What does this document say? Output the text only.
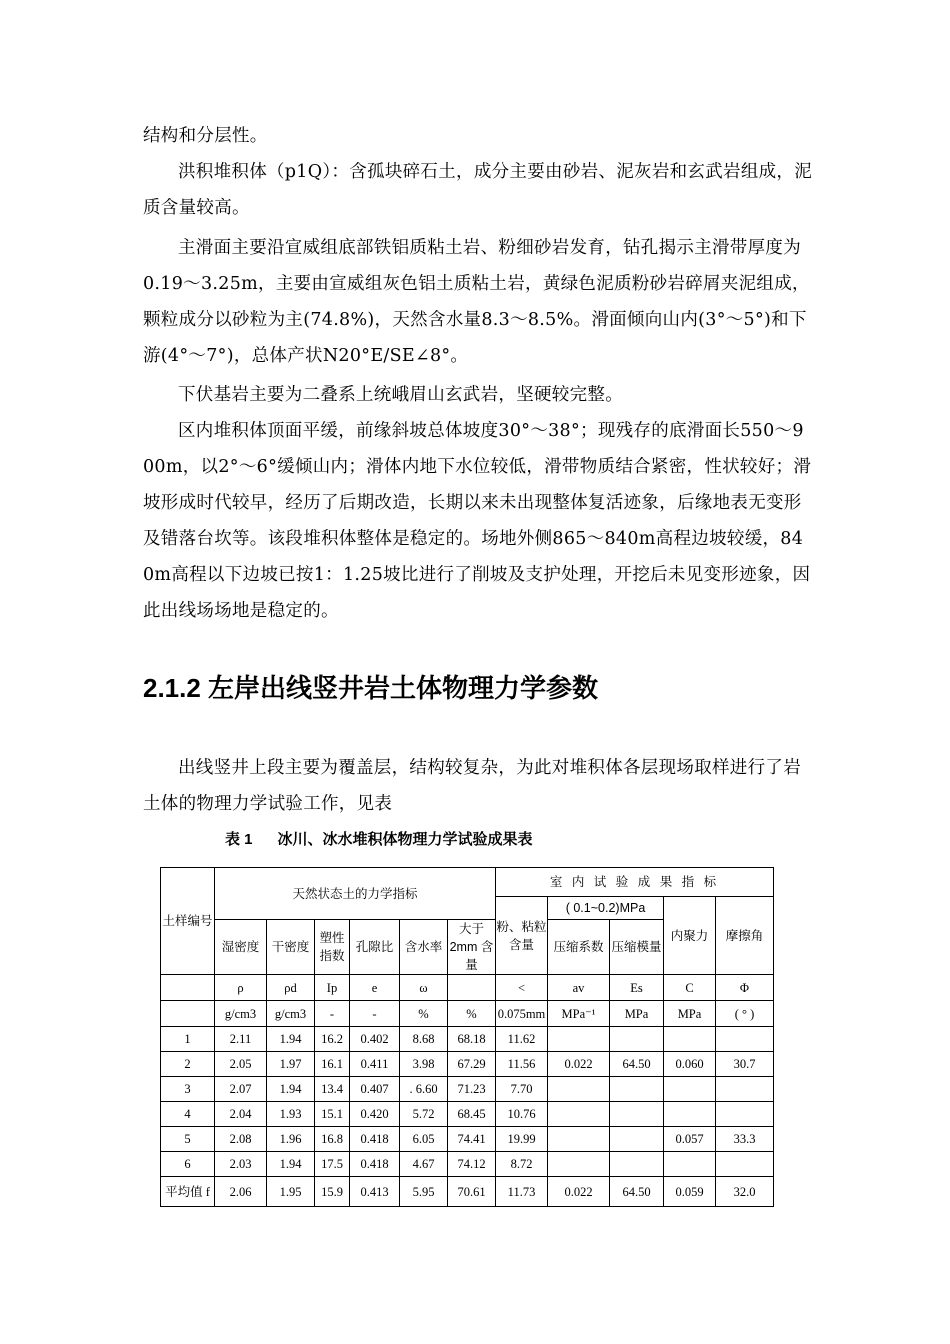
结构和分层性。

洪积堆积体（p1Q）：含孤块碎石土，成分主要由砂岩、泥灰岩和玄武岩组成，泥质含量较高。

主滑面主要沿宣威组底部铁铝质粘土岩、粉细砂岩发育，钻孔揭示主滑带厚度为0.19～3.25m，主要由宣威组灰色铝土质粘土岩，黄绿色泥质粉砂岩碎屑夹泥组成，颗粒成分以砂粒为主(74.8%)，天然含水量8.3～8.5%。滑面倾向山内(3°～5°)和下游(4°～7°)，总体产状N20°E/SE∠8°。

下伏基岩主要为二叠系上统峨眉山玄武岩，坚硬较完整。

区内堆积体顶面平缓，前缘斜坡总体坡度30°～38°；现残存的底滑面长550～900m，以2°～6°缓倾山内；滑体内地下水位较低，滑带物质结合紧密，性状较好；滑坡形成时代较早，经历了后期改造，长期以来未出现整体复活迹象，后缘地表无变形及错落台坎等。该段堆积体整体是稳定的。场地外侧865～840m高程边坡较缓，840m高程以下边坡已按1：1.25坡比进行了削坡及支护处理，开挖后未见变形迹象，因此出线场场地是稳定的。

2.1.2 左岸出线竖井岩土体物理力学参数

出线竖井上段主要为覆盖层，结构较复杂，为此对堆积体各层现场取样进行了岩土体的物理力学试验工作，见表

表 1      冰川、冰水堆积体物理力学试验成果表
土样编号	天然状态土的力学指标						室 内 试 验 成 果 指 标				
							粉、粘粒 含量	( 0.1~0.2)MPa		内聚力	摩擦角
	湿密度	干密度	塑性指数	孔隙比	含水率	大于 2mm 含量		压缩系数	压缩模量		
	ρ	ρd	Ip	e	ω		<	av	Es	C	Φ
	g/cm3	g/cm3	-	-	%	%	0.075mm	MPa⁻¹	MPa	MPa	( ° )
1	2.11	1.94	16.2	0.402	8.68	68.18	11.62				
2	2.05	1.97	16.1	0.411	3.98	67.29	11.56	0.022	64.50	0.060	30.7
3	2.07	1.94	13.4	0.407	. 6.60	71.23	7.70				
4	2.04	1.93	15.1	0.420	5.72	68.45	10.76				
5	2.08	1.96	16.8	0.418	6.05	74.41	19.99			0.057	33.3
6	2.03	1.94	17.5	0.418	4.67	74.12	8.72				
平均值 f	2.06	1.95	15.9	0.413	5.95	70.61	11.73	0.022	64.50	0.059	32.0
